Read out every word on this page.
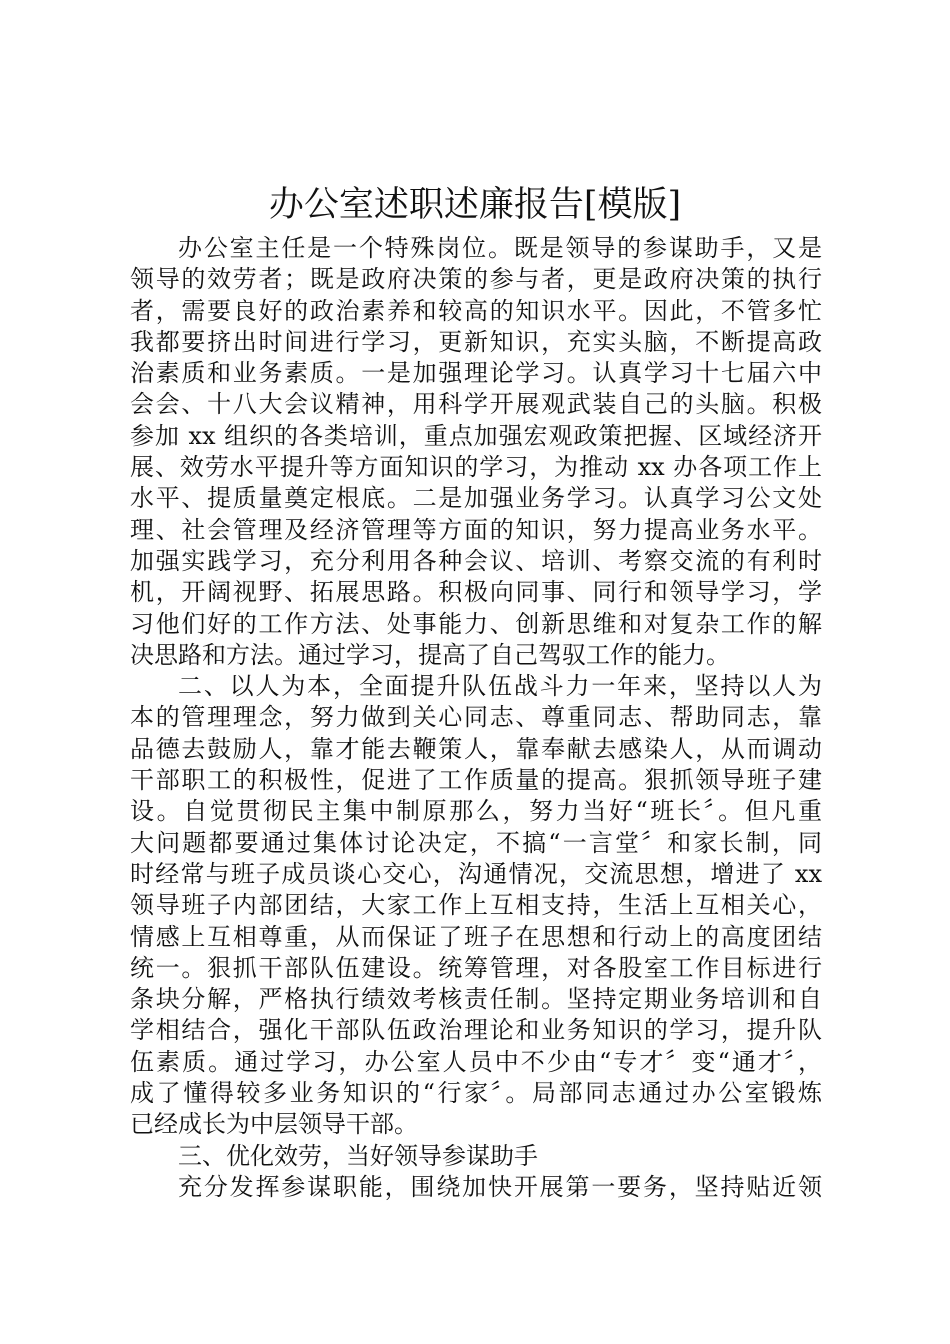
办公室述职述廉报告[模版]
办公室主任是一个特殊岗位。既是领导的参谋助手，又是
领导的效劳者；既是政府决策的参与者，更是政府决策的执行
者，需要良好的政治素养和较高的知识水平。因此，不管多忙
我都要挤出时间进行学习，更新知识，充实头脑，不断提高政
治素质和业务素质。一是加强理论学习。认真学习十七届六中
会会、十八大会议精神，用科学开展观武装自己的头脑。积极
参加 xx 组织的各类培训，重点加强宏观政策把握、区域经济开
展、效劳水平提升等方面知识的学习，为推动 xx 办各项工作上
水平、提质量奠定根底。二是加强业务学习。认真学习公文处
理、社会管理及经济管理等方面的知识，努力提高业务水平。
加强实践学习，充分利用各种会议、培训、考察交流的有利时
机，开阔视野、拓展思路。积极向同事、同行和领导学习，学
习他们好的工作方法、处事能力、创新思维和对复杂工作的解
决思路和方法。通过学习，提高了自己驾驭工作的能力。
二、以人为本，全面提升队伍战斗力一年来，坚持以人为
本的管理理念，努力做到关心同志、尊重同志、帮助同志，靠
品德去鼓励人，靠才能去鞭策人，靠奉献去感染人，从而调动
干部职工的积极性，促进了工作质量的提高。狠抓领导班子建
设。自觉贯彻民主集中制原那么，努力当好“班长〞。但凡重
大问题都要通过集体讨论决定，不搞“一言堂〞和家长制，同
时经常与班子成员谈心交心，沟通情况，交流思想，增进了 xx
领导班子内部团结，大家工作上互相支持，生活上互相关心，
情感上互相尊重，从而保证了班子在思想和行动上的高度团结
统一。狠抓干部队伍建设。统筹管理，对各股室工作目标进行
条块分解，严格执行绩效考核责任制。坚持定期业务培训和自
学相结合，强化干部队伍政治理论和业务知识的学习，提升队
伍素质。通过学习，办公室人员中不少由“专才〞变“通才〞，
成了懂得较多业务知识的“行家〞。局部同志通过办公室锻炼
已经成长为中层领导干部。
三、优化效劳，当好领导参谋助手
充分发挥参谋职能，围绕加快开展第一要务，坚持贴近领
